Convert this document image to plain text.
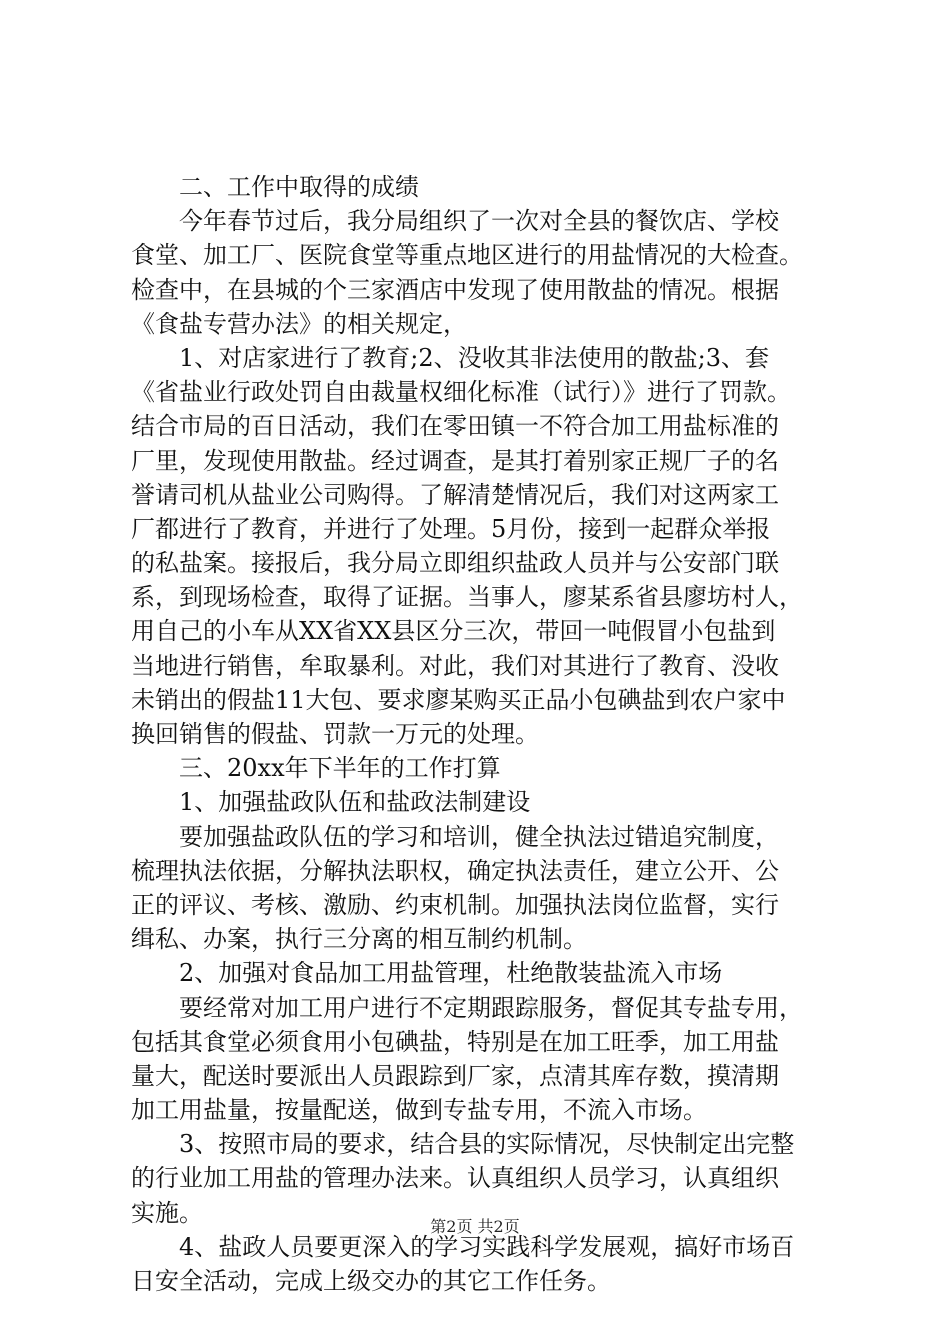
二、工作中取得的成绩
今年春节过后，我分局组织了一次对全县的餐饮店、学校
食堂、加工厂、医院食堂等重点地区进行的用盐情况的大检查。
检查中，在县城的个三家酒店中发现了使用散盐的情况。根据
《食盐专营办法》的相关规定，
1、对店家进行了教育;2、没收其非法使用的散盐;3、套
《省盐业行政处罚自由裁量权细化标准（试行）》进行了罚款。
结合市局的百日活动，我们在零田镇一不符合加工用盐标准的
厂里，发现使用散盐。经过调查，是其打着别家正规厂子的名
誉请司机从盐业公司购得。了解清楚情况后，我们对这两家工
厂都进行了教育，并进行了处理。5月份，接到一起群众举报
的私盐案。接报后，我分局立即组织盐政人员并与公安部门联
系，到现场检查，取得了证据。当事人，廖某系省县廖坊村人，
用自己的小车从XX省XX县区分三次，带回一吨假冒小包盐到
当地进行销售，牟取暴利。对此，我们对其进行了教育、没收
未销出的假盐11大包、要求廖某购买正品小包碘盐到农户家中
换回销售的假盐、罚款一万元的处理。
三、20xx年下半年的工作打算
1、加强盐政队伍和盐政法制建设
要加强盐政队伍的学习和培训，健全执法过错追究制度，
梳理执法依据，分解执法职权，确定执法责任，建立公开、公
正的评议、考核、激励、约束机制。加强执法岗位监督，实行
缉私、办案，执行三分离的相互制约机制。
2、加强对食品加工用盐管理，杜绝散装盐流入市场
要经常对加工用户进行不定期跟踪服务，督促其专盐专用，
包括其食堂必须食用小包碘盐，特别是在加工旺季，加工用盐
量大，配送时要派出人员跟踪到厂家，点清其库存数，摸清期
加工用盐量，按量配送，做到专盐专用，不流入市场。
3、按照市局的要求，结合县的实际情况，尽快制定出完整
的行业加工用盐的管理办法来。认真组织人员学习，认真组织
实施。
4、盐政人员要更深入的学习实践科学发展观，搞好市场百
日安全活动，完成上级交办的其它工作任务。
第2页 共2页
